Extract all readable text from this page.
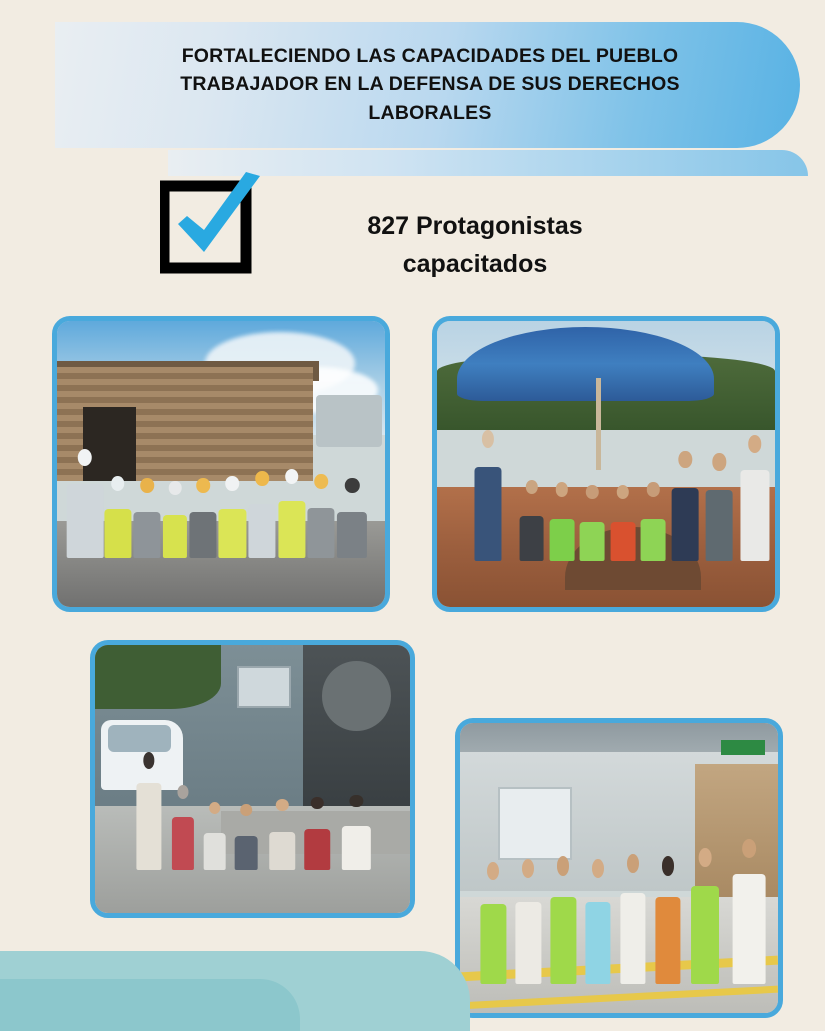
FORTALECIENDO LAS CAPACIDADES DEL PUEBLO TRABAJADOR EN LA DEFENSA DE SUS DERECHOS LABORALES
827 Protagonistas capacitados
